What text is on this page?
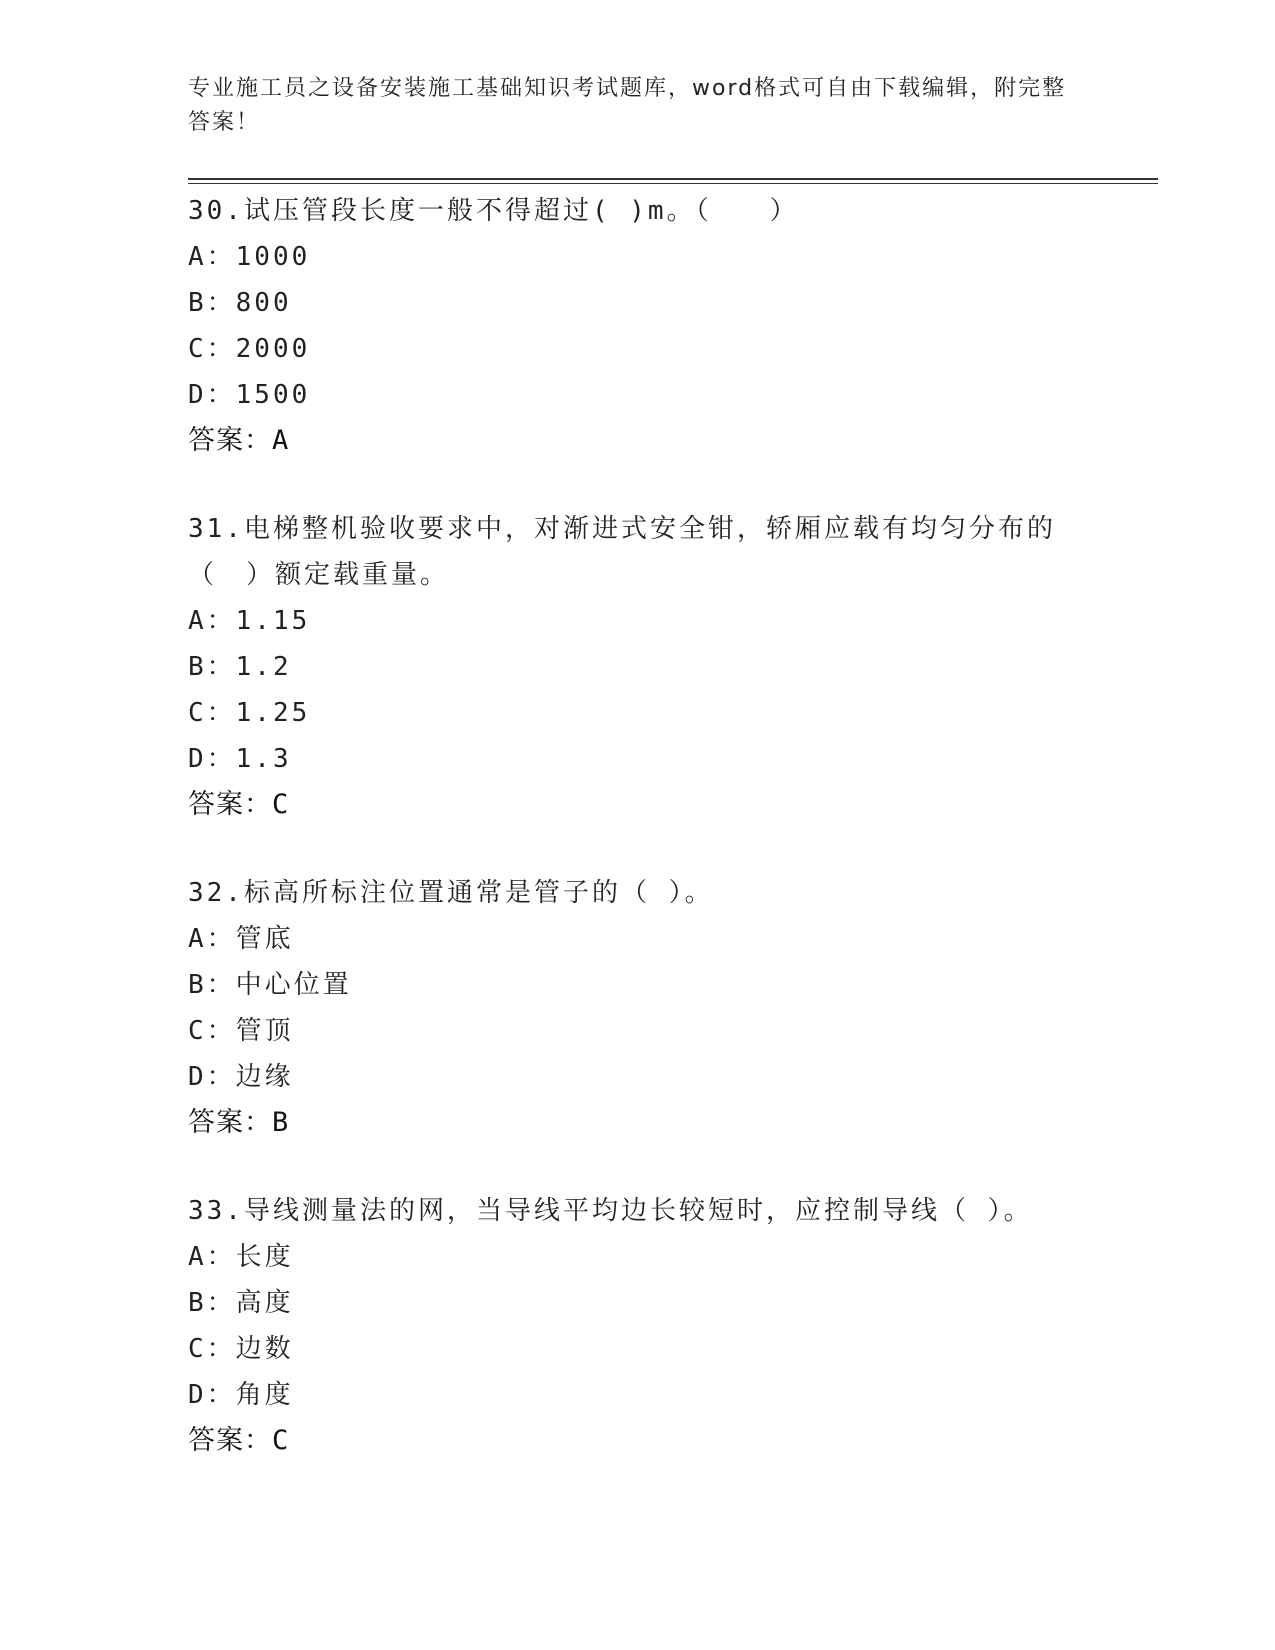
专业施工员之设备安装施工基础知识考试题库，word格式可自由下载编辑，附完整答案！
30.试压管段长度一般不得超过( )m。（　　）
A：1000
B：800
C：2000
D：1500
答案：A
31.电梯整机验收要求中，对渐进式安全钳，轿厢应载有均匀分布的（　）额定载重量。
A：1.15
B：1.2
C：1.25
D：1.3
答案：C
32.标高所标注位置通常是管子的（ ）。
A：管底
B：中心位置
C：管顶
D：边缘
答案：B
33.导线测量法的网，当导线平均边长较短时，应控制导线（ ）。
A：长度
B：高度
C：边数
D：角度
答案：C
